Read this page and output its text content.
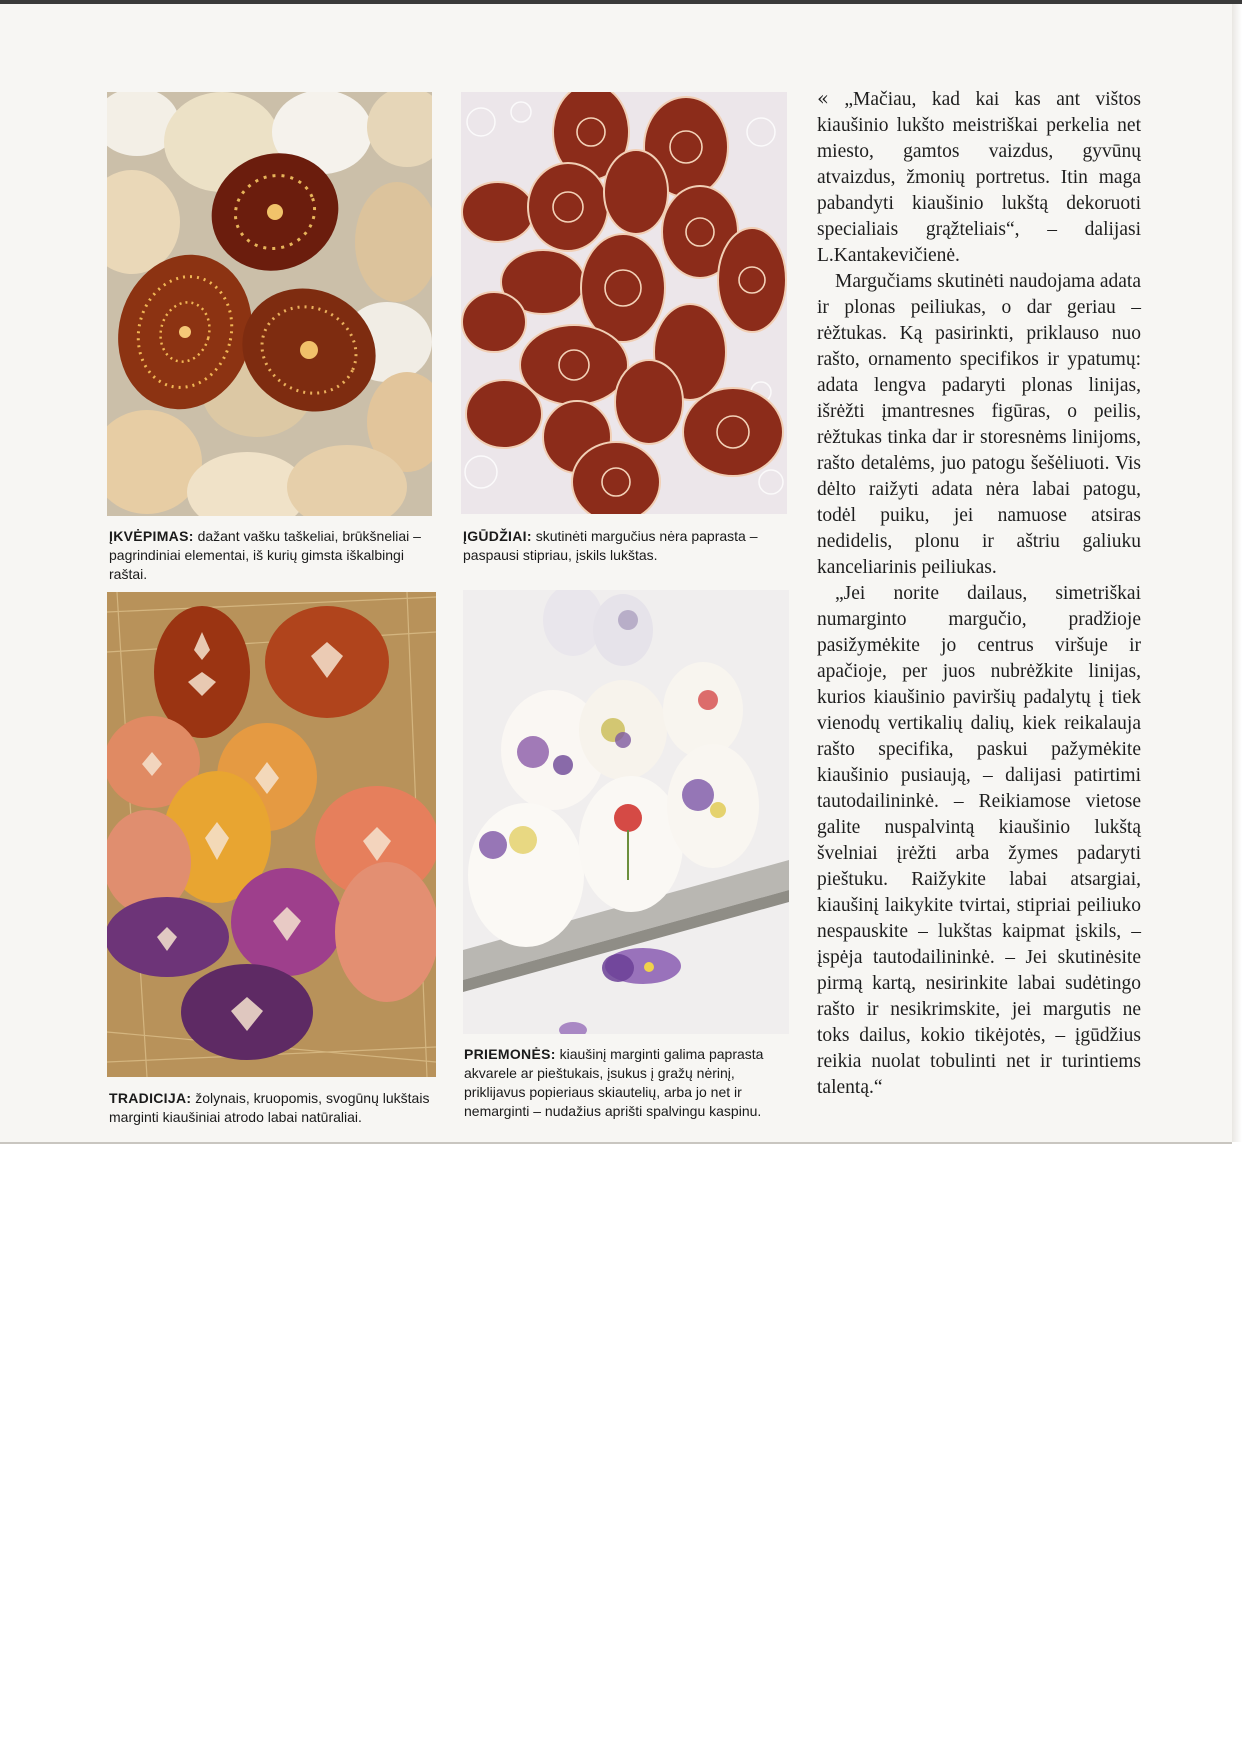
ĮKVĖPIMAS: dažant vašku taškeliai, brūkšneliai – pagrindiniai elementai, iš kurių gimsta iškalbingi raštai.
ĮGŪDŽIAI: skutinėti margučius nėra paprasta – paspausi stipriau, įskils lukštas.
TRADICIJA: žolynais, kruopomis, svogūnų lukštais marginti kiaušiniai atrodo labai natūraliai.
PRIEMONĖS: kiaušinį marginti galima paprasta akvarele ar pieštukais, įsukus į gražų nėrinį, priklijavus popieriaus skiautelių, arba jo net ir nemarginti – nudažius aprišti spalvingu kaspinu.

« „Mačiau, kad kai kas ant vištos kiaušinio lukšto meistriškai perkelia net miesto, gamtos vaizdus, gyvūnų atvaizdus, žmonių portretus. Itin maga pabandyti kiaušinio lukštą dekoruoti specialiais grąžteliais“, – dalijasi L.Kantakevičienė.

Margučiams skutinėti naudojama adata ir plonas peiliukas, o dar geriau – rėžtukas. Ką pasirinkti, priklauso nuo rašto, ornamento specifikos ir ypatumų: adata lengva padaryti plonas linijas, išrėžti įmantresnes figūras, o peilis, rėžtukas tinka dar ir storesnėms linijoms, rašto detalėms, juo patogu šešėliuoti. Vis dėlto raižyti adata nėra labai patogu, todėl puiku, jei namuose atsiras nedidelis, plonu ir aštriu galiuku kanceliarinis peiliukas.

„Jei norite dailaus, simetriškai numarginto margučio, pradžioje pasižymėkite jo centrus viršuje ir apačioje, per juos nubrėžkite linijas, kurios kiaušinio paviršių padalytų į tiek vienodų vertikalių dalių, kiek reikalauja rašto specifika, paskui pažymėkite kiaušinio pusiaują, – dalijasi patirtimi tautodailininkė. – Reikiamose vietose galite nuspalvintą kiaušinio lukštą švelniai įrėžti arba žymes padaryti pieštuku. Raižykite labai atsargiai, kiaušinį laikykite tvirtai, stipriai peiliuko nespauskite – lukštas kaipmat įskils, – įspėja tautodailininkė. – Jei skutinėsite pirmą kartą, nesirinkite labai sudėtingo rašto ir nesikrimskite, jei margutis ne toks dailus, kokio tikėjotės, – įgūdžius reikia nuolat tobulinti net ir turintiems talentą.“
